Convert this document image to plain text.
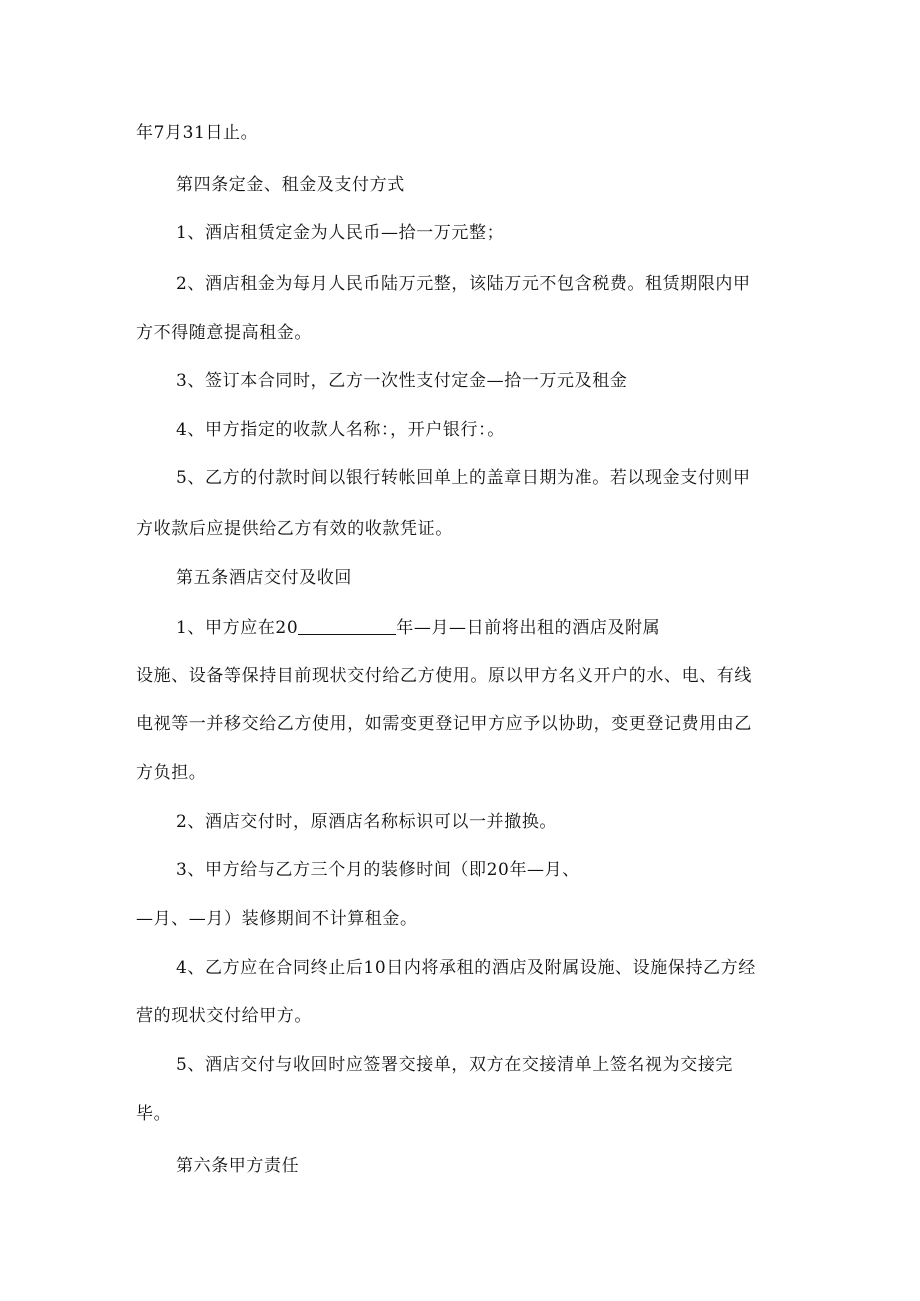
年7月31日止。
第四条定金、租金及支付方式
1、酒店租赁定金为人民币—拾一万元整；
2、酒店租金为每月人民币陆万元整，该陆万元不包含税费。租赁期限内甲
方不得随意提高租金。
3、签订本合同时，乙方一次性支付定金—拾一万元及租金
4、甲方指定的收款人名称：，开户银行：。
5、乙方的付款时间以银行转帐回单上的盖章日期为准。若以现金支付则甲
方收款后应提供给乙方有效的收款凭证。
第五条酒店交付及收回
1、甲方应在20	年—月—日前将出租的酒店及附属
设施、设备等保持目前现状交付给乙方使用。原以甲方名义开户的水、电、有线
电视等一并移交给乙方使用，如需变更登记甲方应予以协助，变更登记费用由乙
方负担。
2、酒店交付时，原酒店名称标识可以一并撤换。
3、甲方给与乙方三个月的装修时间（即20年—月、
—月、—月）装修期间不计算租金。
4、乙方应在合同终止后10日内将承租的酒店及附属设施、设施保持乙方经
营的现状交付给甲方。
5、酒店交付与收回时应签署交接单，双方在交接清单上签名视为交接完
毕。
第六条甲方责任
